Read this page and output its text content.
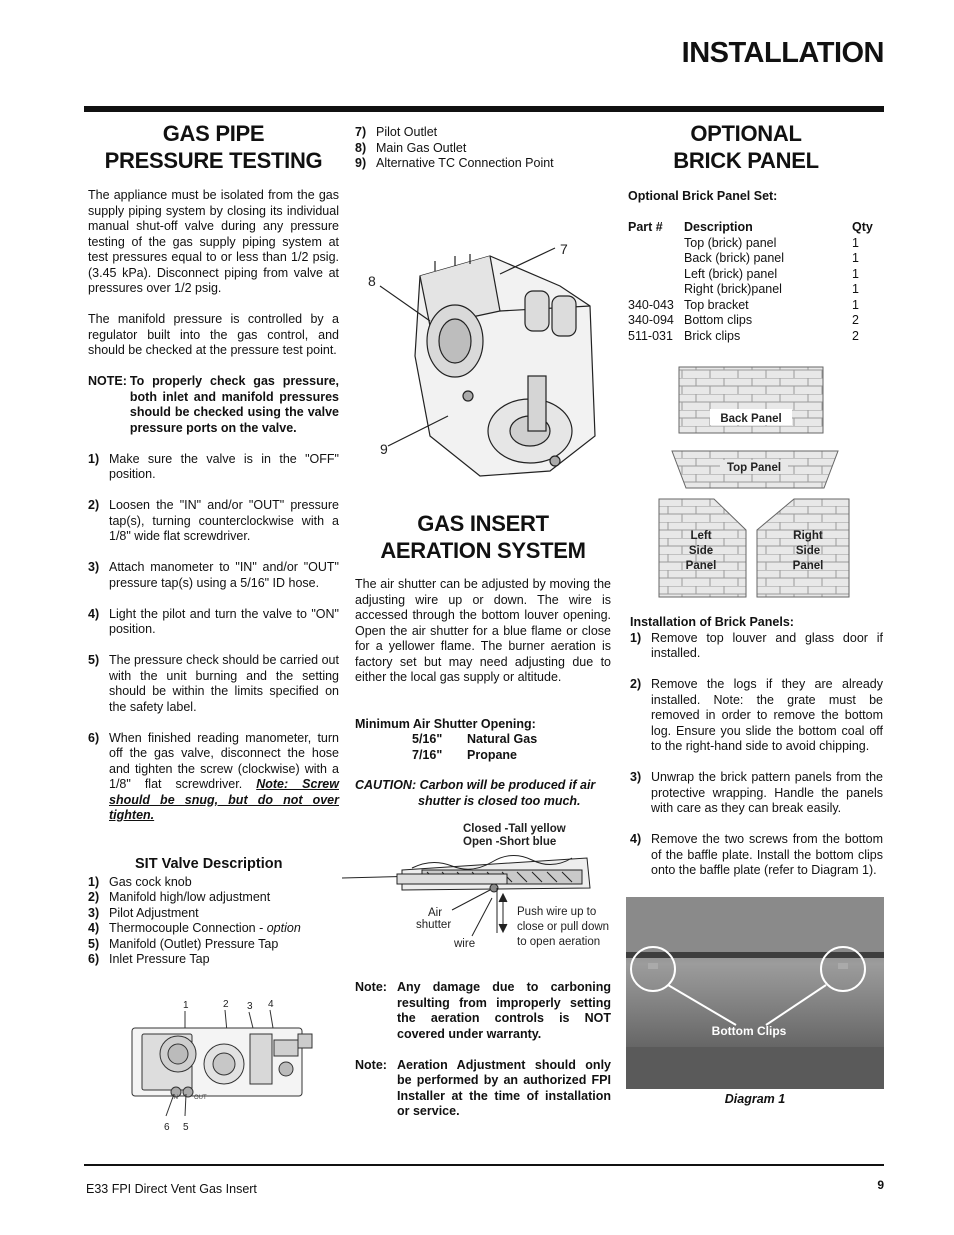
INSTALLATION
E33 FPI Direct Vent Gas Insert	9
GAS PIPE
PRESSURE TESTING
The appliance must be isolated from the gas supply piping system by closing its individual manual shut-off valve during any pressure testing of the gas supply piping system at test pressures equal to or less than 1/2 psig. (3.45 kPa). Disconnect piping from valve at pressures over 1/2 psig.
The manifold pressure is controlled by a regulator built into the gas control, and should be checked at the pressure test point.
NOTE: To properly check gas pressure, both inlet and manifold pressures should be checked using the valve pressure ports on the valve.
1) Make sure the valve is in the "OFF" position.
2) Loosen the "IN" and/or "OUT" pressure tap(s), turning counterclockwise with a 1/8" wide flat screwdriver.
3) Attach manometer to "IN" and/or "OUT" pressure tap(s) using a 5/16" ID hose.
4) Light the pilot and turn the valve to "ON" position.
5) The pressure check should be carried out with the unit burning and the setting should be within the limits specified on the safety label.
6) When finished reading manometer, turn off the gas valve, disconnect the hose and tighten the screw (clockwise) with a 1/8" flat screwdriver. Note: Screw should be snug, but do not over tighten.
SIT Valve Description
1) Gas cock knob
2) Manifold high/low adjustment
3) Pilot Adjustment
4) Thermocouple Connection - option
5) Manifold (Outlet) Pressure Tap
6) Inlet Pressure Tap
1	2 3 4
6 5
IN	OUT
7) Pilot Outlet
8) Main Gas Outlet
9) Alternative TC Connection Point
7
8
9
GAS INSERT
AERATION SYSTEM
The air shutter can be adjusted by moving the adjusting wire up or down. The wire is accessed through the bottom louver opening. Open the air shutter for a blue flame or close for a yellower flame. The burner aeration is factory set but may need adjusting due to either the local gas supply or altitude.
Minimum Air Shutter Opening:
5/16"	Natural Gas
7/16"	Propane
CAUTION: Carbon will be produced if air
shutter is closed too much.
Closed -Tall yellow
Open -Short blue
Air
shutter
wire
Push wire up to
close or pull down
to open aeration
Note: Any damage due to carboning resulting from improperly setting the aeration controls is NOT covered under warranty.
Note: Aeration Adjustment should only be performed by an authorized FPI Installer at the time of installation or service.
OPTIONAL
BRICK PANEL
Optional Brick Panel Set:
Part #	Description	Qty
	Top (brick) panel	1
	Back (brick) panel	1
	Left (brick) panel	1
	Right (brick)panel	1
340-043	Top bracket	1
340-094	Bottom clips	2
511-031	Brick clips	2
Back Panel
Top Panel
Left
Side
Panel
Right
Side
Panel
Installation of Brick Panels:
1) Remove top louver and glass door if installed.
2) Remove the logs if they are already installed. Note: the grate must be removed in order to remove the bottom log. Ensure you slide the bottom coal off to the right-hand side to avoid chipping.
3) Unwrap the brick pattern panels from the protective wrapping. Handle the panels with care as they can break easily.
4) Remove the two screws from the bottom of the baffle plate. Install the bottom clips onto the baffle plate (refer to Diagram 1).
Bottom Clips
Diagram 1
